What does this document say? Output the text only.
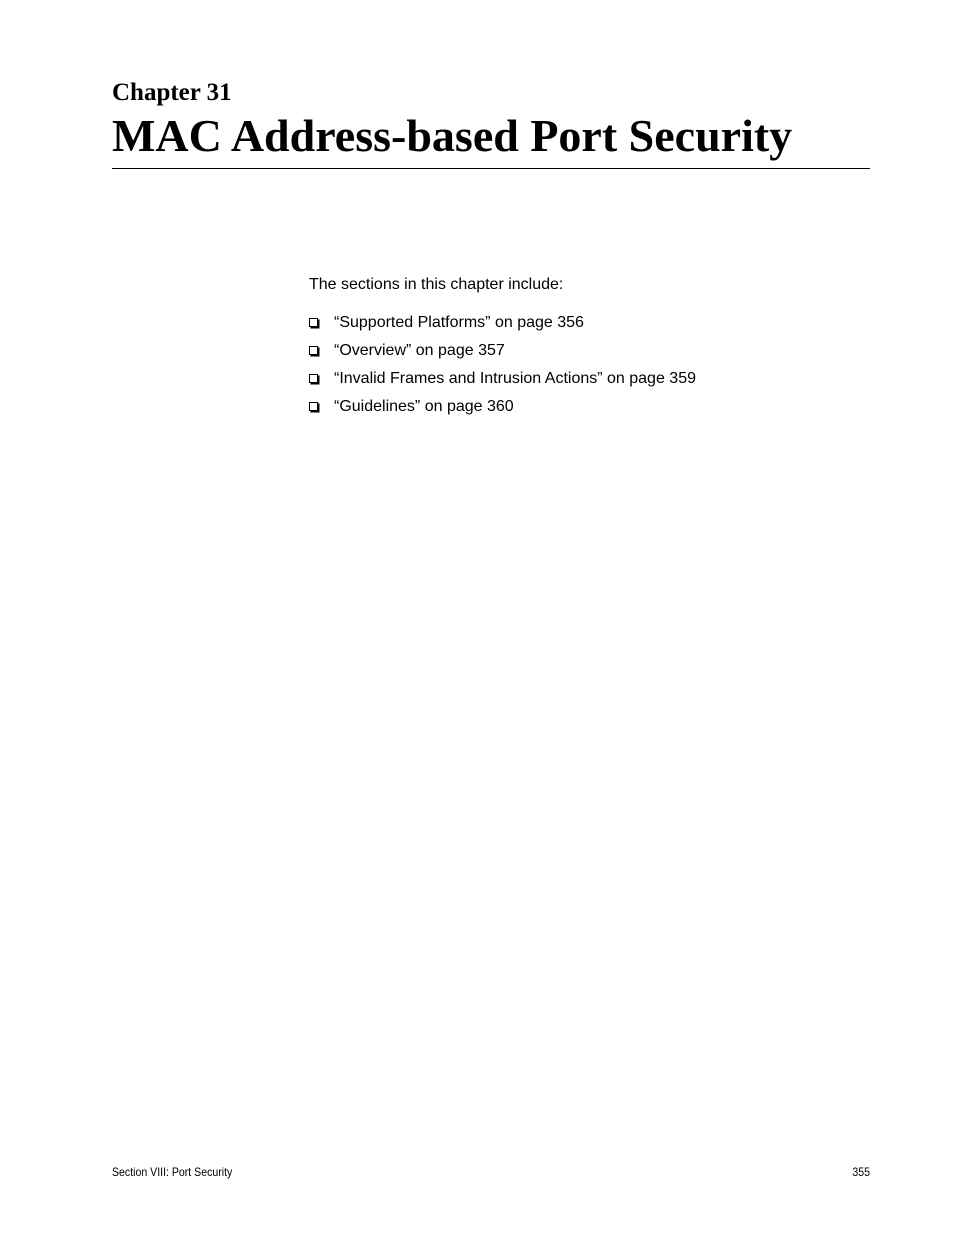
Chapter 31
MAC Address-based Port Security

The sections in this chapter include:

“Supported Platforms” on page 356
“Overview” on page 357
“Invalid Frames and Intrusion Actions” on page 359
“Guidelines” on page 360
Section VIII: Port Security	355
